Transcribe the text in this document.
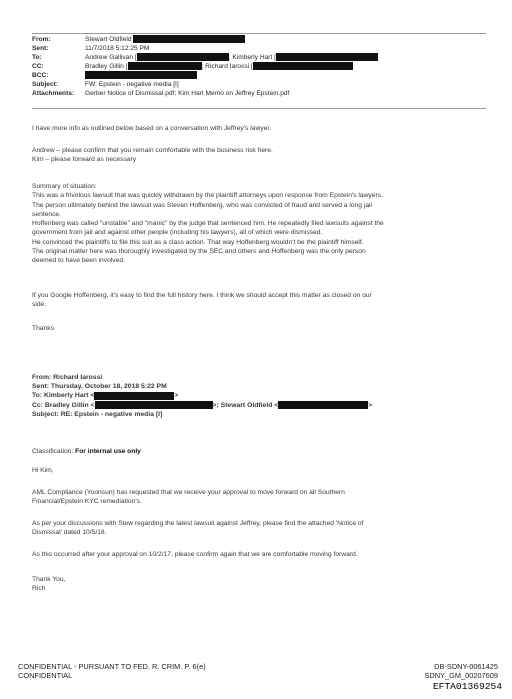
From:	Stewart Oldfield
Sent:	11/7/2018 5:12:25 PM
To:	Andrew Gallivan [	; Kimberly Hart [
CC:	Bradley Gillin [	; Richard Iarossi [
BCC:
Subject:	FW: Epstein - negative media [I]
Attachments: Gerber Notice of Dismissal.pdf; Kim Hart Memo on Jeffrey Epstein.pdf
I have more info as outlined below based on a conversation with Jeffrey's lawyer.
Andrew – please confirm that you remain comfortable with the business risk here.
Kim – please forward as necessary
Summary of situation:
This was a frivolous lawsuit that was quickly withdrawn by the plaintiff attorneys upon response from Epstein's lawyers.
The person ultimately behind the lawsuit was Steven Hoffenberg, who was convicted of fraud and served a long jail
sentence.
Hoffenberg was called "unstable" and "manic" by the judge that sentenced him. He repeatedly filed lawsuits against the
government from jail and against other people (including his lawyers), all of which were dismissed.
He convinced the plaintiffs to file this suit as a class action. That way Hoffenberg wouldn't be the plaintiff himself.
The original matter here was thoroughly investigated by the SEC and others and Hoffenberg was the only person
deemed to have been involved.
If you Google Hoffenberg, it's easy to find the full history here. I think we should accept this matter as closed on our
side.
Thanks
From: Richard Iarossi
Sent: Thursday, October 18, 2018 5:22 PM
To: Kimberly Hart <	>
Cc: Bradley Gillin <	>; Stewart Oldfield <	>
Subject: RE: Epstein - negative media [I]
Classification: For internal use only
Hi Kim,
AML Compliance (Yoonsun) has requested that we receive your approval to move forward on all Southern
Financial/Epstein KYC remediation's.
As per your discussions with Stew regarding the latest lawsuit against Jeffrey, please find the attached 'Notice of
Dismissal' dated 10/5/18.
As this occurred after your approval on 10/2/17, please confirm again that we are comfortable moving forward.
Thank You,
Rich
CONFIDENTIAL - PURSUANT TO FED. R. CRIM. P. 6(e)
CONFIDENTIAL
DB-SDNY-0061425
SDNY_GM_00207609
EFTA01369254
